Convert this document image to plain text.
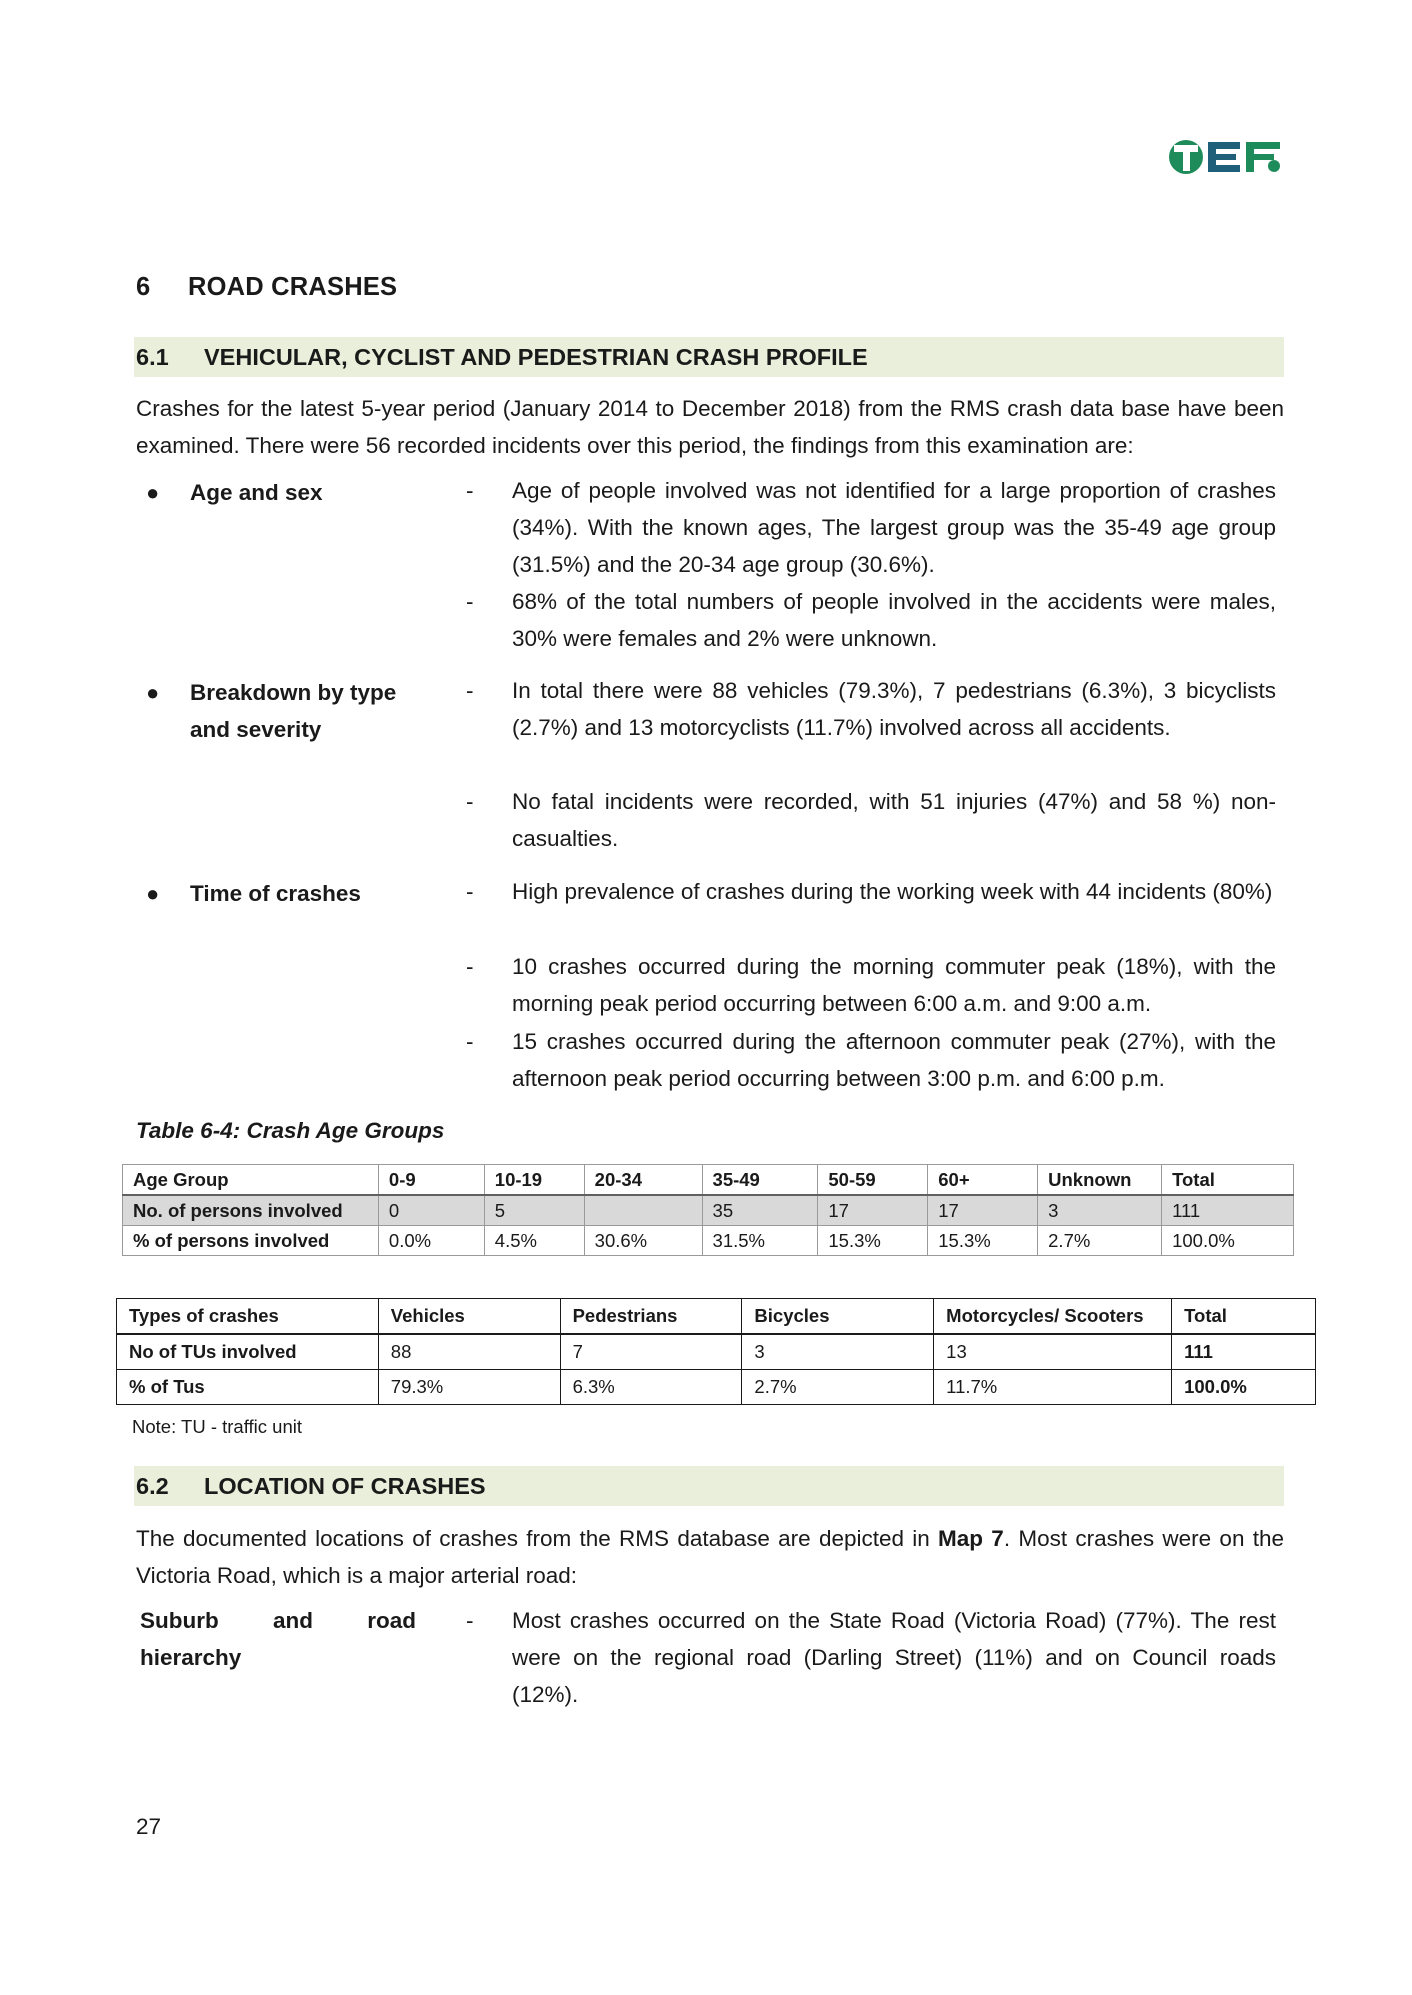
6 ROAD CRASHES
6.1 VEHICULAR, CYCLIST AND PEDESTRIAN CRASH PROFILE
Crashes for the latest 5-year period (January 2014 to December 2018) from the RMS crash data base have been examined. There were 56 recorded incidents over this period, the findings from this examination are:
● Age and sex	-	Age of people involved was not identified for a large proportion of crashes (34%). With the known ages, The largest group was the 35-49 age group (31.5%) and the 20-34 age group (30.6%).
-	68% of the total numbers of people involved in the accidents were males, 30% were females and 2% were unknown.
● Breakdown by type
and severity
-	In total there were 88 vehicles (79.3%), 7 pedestrians (6.3%), 3 bicyclists (2.7%) and 13 motorcyclists (11.7%) involved across all accidents.
-	No fatal incidents were recorded, with 51 injuries (47%) and 58 %) non-casualties.
● Time of crashes	-	High prevalence of crashes during the working week with 44 incidents (80%)
-	10 crashes occurred during the morning commuter peak (18%), with the morning peak period occurring between 6:00 a.m. and 9:00 a.m.
-	15 crashes occurred during the afternoon commuter peak (27%), with the afternoon peak period occurring between 3:00 p.m. and 6:00 p.m.
Table 6-4: Crash Age Groups
Age Group	0-9	10-19	20-34	35-49	50-59	60+	Unknown	Total
No. of persons involved	0	5		35	17	17	3	111
% of persons involved	0.0%	4.5%	30.6%	31.5%	15.3%	15.3%	2.7%	100.0%
Types of crashes	Vehicles	Pedestrians	Bicycles	Motorcycles/ Scooters	Total
No of TUs involved	88	7	3	13	111
% of Tus	79.3%	6.3%	2.7%	11.7%	100.0%
Note: TU - traffic unit
6.2 LOCATION OF CRASHES
The documented locations of crashes from the RMS database are depicted in Map 7. Most crashes were on the Victoria Road, which is a major arterial road:
Suburb and road
hierarchy
-	Most crashes occurred on the State Road (Victoria Road) (77%). The rest were on the regional road (Darling Street) (11%) and on Council roads (12%).
27
